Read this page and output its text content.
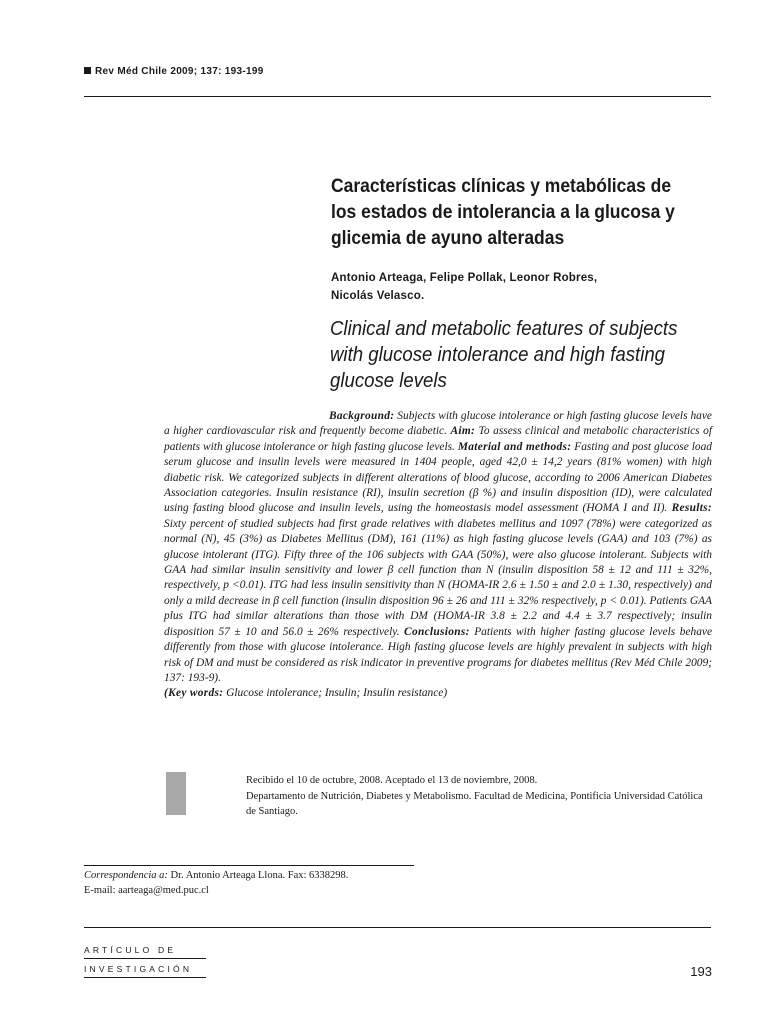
Rev Méd Chile 2009; 137: 193-199
Características clínicas y metabólicas de los estados de intolerancia a la glucosa y glicemia de ayuno alteradas
Antonio Arteaga, Felipe Pollak, Leonor Robres,
Nicolás Velasco.
Clinical and metabolic features of subjects with glucose intolerance and high fasting glucose levels
Background: Subjects with glucose intolerance or high fasting glucose levels have a higher cardiovascular risk and frequently become diabetic. Aim: To assess clinical and metabolic characteristics of patients with glucose intolerance or high fasting glucose levels. Material and methods: Fasting and post glucose load serum glucose and insulin levels were measured in 1404 people, aged 42,0 ± 14,2 years (81% women) with high diabetic risk. We categorized subjects in different alterations of blood glucose, according to 2006 American Diabetes Association categories. Insulin resistance (RI), insulin secretion (β %) and insulin disposition (ID), were calculated using fasting blood glucose and insulin levels, using the homeostasis model assessment (HOMA I and II). Results: Sixty percent of studied subjects had first grade relatives with diabetes mellitus and 1097 (78%) were categorized as normal (N), 45 (3%) as Diabetes Mellitus (DM), 161 (11%) as high fasting glucose levels (GAA) and 103 (7%) as glucose intolerant (ITG). Fifty three of the 106 subjects with GAA (50%), were also glucose intolerant. Subjects with GAA had similar insulin sensitivity and lower β cell function than N (insulin disposition 58 ± 12 and 111 ± 32%, respectively, p <0.01). ITG had less insulin sensitivity than N (HOMA-IR 2.6 ± 1.50 ± and 2.0 ± 1.30, respectively) and only a mild decrease in β cell function (insulin disposition 96 ± 26 and 111 ± 32% respectively, p < 0.01). Patients GAA plus ITG had similar alterations than those with DM (HOMA-IR 3.8 ± 2.2 and 4.4 ± 3.7 respectively; insulin disposition 57 ± 10 and 56.0 ± 26% respectively. Conclusions: Patients with higher fasting glucose levels behave differently from those with glucose intolerance. High fasting glucose levels are highly prevalent in subjects with high risk of DM and must be considered as risk indicator in preventive programs for diabetes mellitus (Rev Méd Chile 2009; 137: 193-9).
(Key words: Glucose intolerance; Insulin; Insulin resistance)
Recibido el 10 de octubre, 2008. Aceptado el 13 de noviembre, 2008.
Departamento de Nutrición, Diabetes y Metabolismo. Facultad de Medicina, Pontificia Universidad Católica de Santiago.
Correspondencia a: Dr. Antonio Arteaga Llona. Fax: 6338298.
E-mail: aarteaga@med.puc.cl
ARTÍCULO DE
INVESTIGACIÓN	193
